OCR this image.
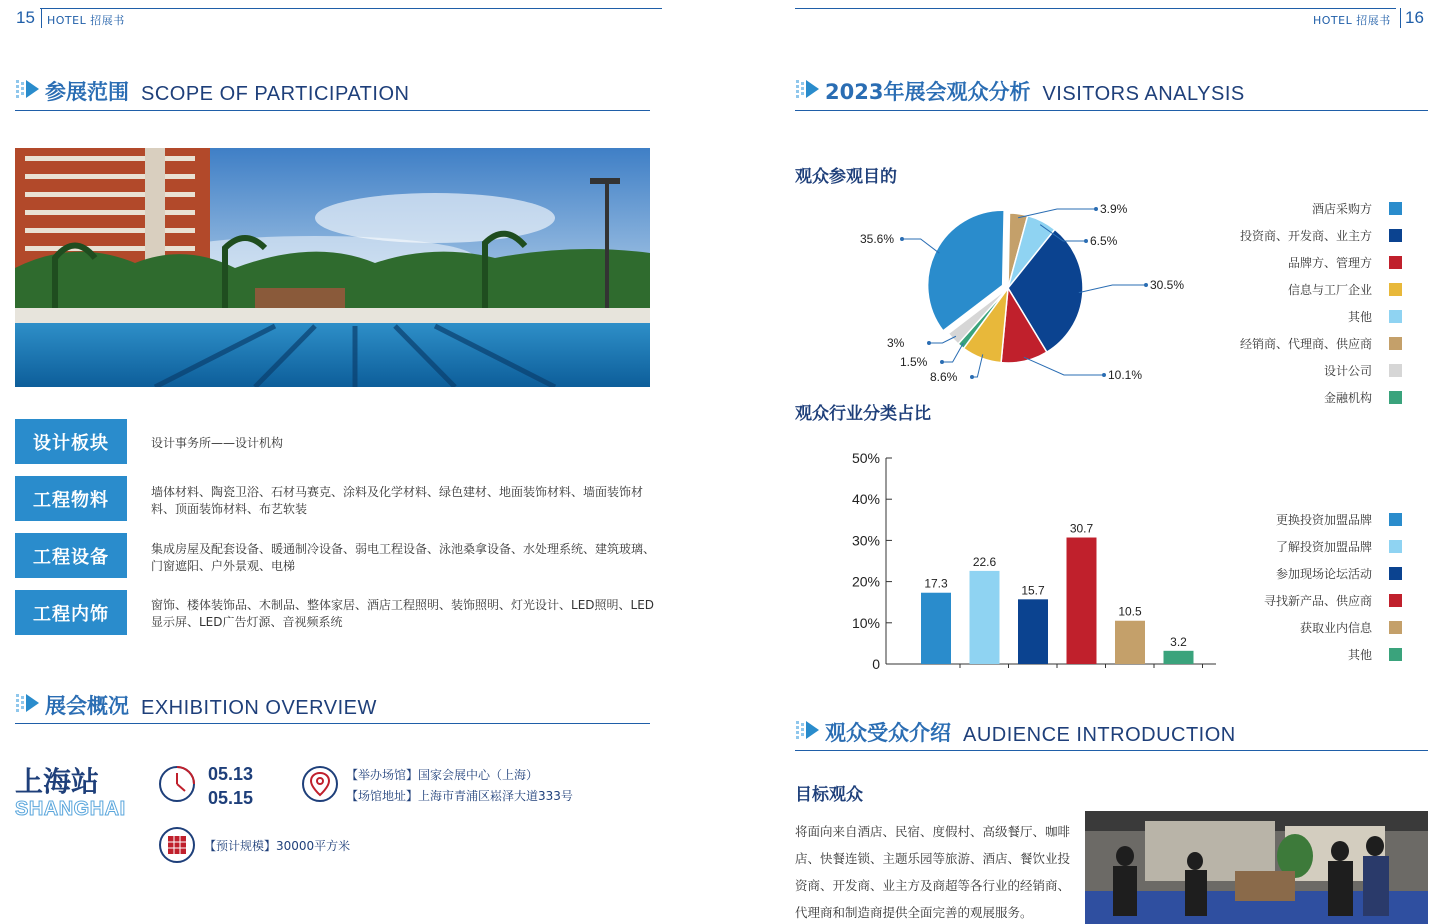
15 HOTEL 招展书	HOTEL 招展书 16
参展范围 SCOPE OF PARTICIPATION
设计板块	设计事务所——设计机构
工程物料	墙体材料、陶瓷卫浴、石材马赛克、涂料及化学材料、绿色建材、地面装饰材料、墙面装饰材料、顶面装饰材料、布艺软装
工程设备	集成房屋及配套设备、暖通制冷设备、弱电工程设备、泳池桑拿设备、水处理系统、建筑玻璃、门窗遮阳、户外景观、电梯
工程内饰	窗饰、楼体装饰品、木制品、整体家居、酒店工程照明、装饰照明、灯光设计、LED照明、LED显示屏、LED广告灯源、音视频系统
展会概况 EXHIBITION OVERVIEW
上海站
SHANGHAI
05.13
05.15
【举办场馆】国家会展中心（上海）
【场馆地址】上海市青浦区崧泽大道333号
【预计规模】30000平方米
2023年展会观众分析 VISITORS ANALYSIS
观众参观目的
3.9%
6.5%
30.5%
10.1%
8.6%
1.5%
3%
35.6%
酒店采购方
投资商、开发商、业主方
品牌方、管理方
信息与工厂企业
其他
经销商、代理商、供应商
设计公司
金融机构
观众行业分类占比
0
10%
20%
30%
40%
50%
17.3
22.6
15.7
30.7
10.5
3.2
更换投资加盟品牌
了解投资加盟品牌
参加现场论坛活动
寻找新产品、供应商
获取业内信息
其他
观众受众介绍 AUDIENCE INTRODUCTION
目标观众
将面向来自酒店、民宿、度假村、高级餐厅、咖啡店、快餐连锁、主题乐园等旅游、酒店、餐饮业投资商、开发商、业主方及商超等各行业的经销商、代理商和制造商提供全面完善的观展服务。
